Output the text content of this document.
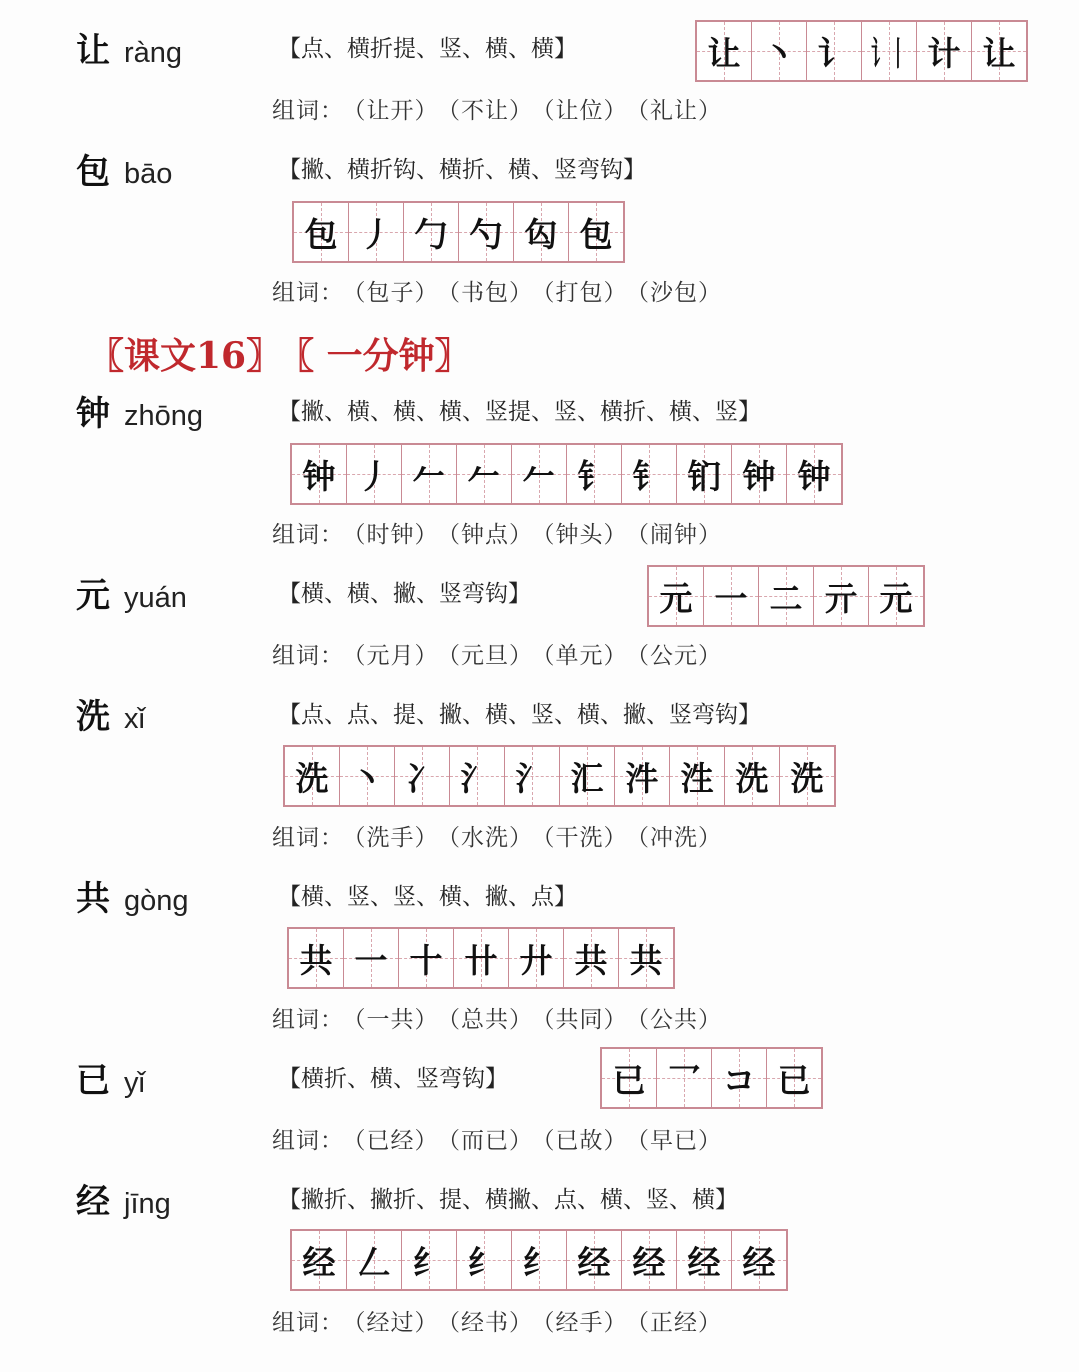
〖课文16〗 〖 一分钟〗
让 ràng	【点、横折提、竖、横、横】	让 丶 讠 讠丨 计 让
组词： （让开） （不让） （让位） （礼让）
包 bāo	【撇、横折钩、横折、横、竖弯钩】
包 丿 勹 勺 匃 包
组词： （包子） （书包） （打包） （沙包）
钟 zhōng	【撇、横、横、横、竖提、竖、横折、横、竖】
钟 丿 𠂉 𠂉 𠂉 钅 钅 钔 钟 钟
组词： （时钟） （钟点） （钟头） （闹钟）
元 yuán	【横、横、撇、竖弯钩】	元 一 二 亓 元
组词： （元月） （元旦） （单元） （公元）
洗 xǐ	【点、点、提、撇、横、竖、横、撇、竖弯钩】
洗 丶 冫 氵 氵 汇 汼 泩 洗 洗
组词： （洗手） （水洗） （干洗） （冲洗）
共 gòng	【横、竖、竖、横、撇、点】
共 一 十 卄 廾 共 共
组词： （一共） （总共） （共同） （公共）
已 yǐ	【横折、横、竖弯钩】	已 乛 コ 已
组词： （已经） （而已） （已故） （早已）
经 jīng	【撇折、撇折、提、横撇、点、横、竖、横】
经 𠃋 纟 纟 纟 经 经 经 经
组词： （经过） （经书） （经手） （正经）
